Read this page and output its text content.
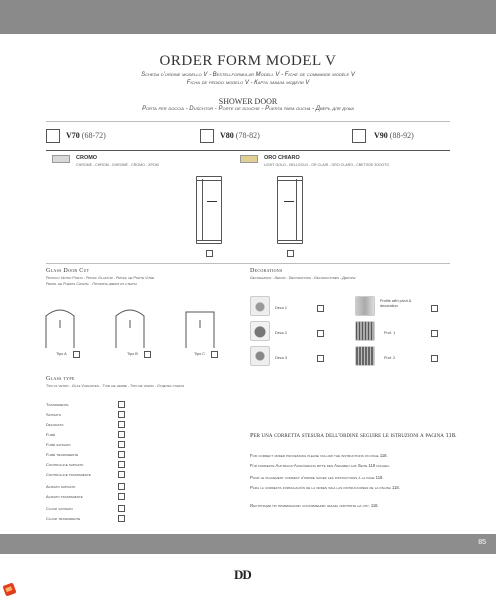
ORDER FORM MODEL V
Scheda d'ordine modello V - Bestellformular Modell V - Fiche de commande modèle V
Ficha de pedido modelo V - Карта заказа модели V
SHOWER DOOR
Porta per doccia - Duschtür - Porte de douche - Puerta para ducha - Дверь для душа
V70 (68-72)	V80 (78-82)	V90 (88-92)
CROMO
CHROME - CHROM - CHROMÉ - CROMO - ХРОМ
ORO CHIARO
LIGHT GOLD - HELLGOLD - OR CLAIR - ORO CLARO - СВЕТЛОЕ ЗОЛОТО
Glass Door Cut
Profilo Vetro Porta - Profil Glastür - Profil de Porte Vitre
Perfil de Puerta Cristal - Профиль двери из стекла
Tipo A	Tipo B	Tipo C
Decorations
Decorazioni - Dekor - Décorations - Decoraciones - Декоры
Deco 1
Deco 2
Deco 3
Profile with pivot & decoration
Prof. 1
Prof. 2
Glass type
Tipo di vetro - Glas Varianten - Type de verre - Tipo de vidrio - Отделка стекла
Trasparente
Satinato
Decorato
Fumè
Fumè satinato
Fumè trasparente
Controluce satinato
Controluce trasparente
Acidato satinato
Acidato trasparente
Cloud satinato
Cloud trasparente
Per una corretta stesura dell'ordine seguire le istruzioni a pagina 118.
For correct order processing please follow the instructions on page 118.
Für korrekte Auftrags-Ausführung bitte den Angaben auf Seite 118 folgen.
Pour le placement correct d'ordre suivez les instructions à la page 118.
Para la correcta formulación de la orden siga las instrucciones de la página 118.
Инструкции по правильному составлению заказа смотрите на стр. 118.
85
DD
